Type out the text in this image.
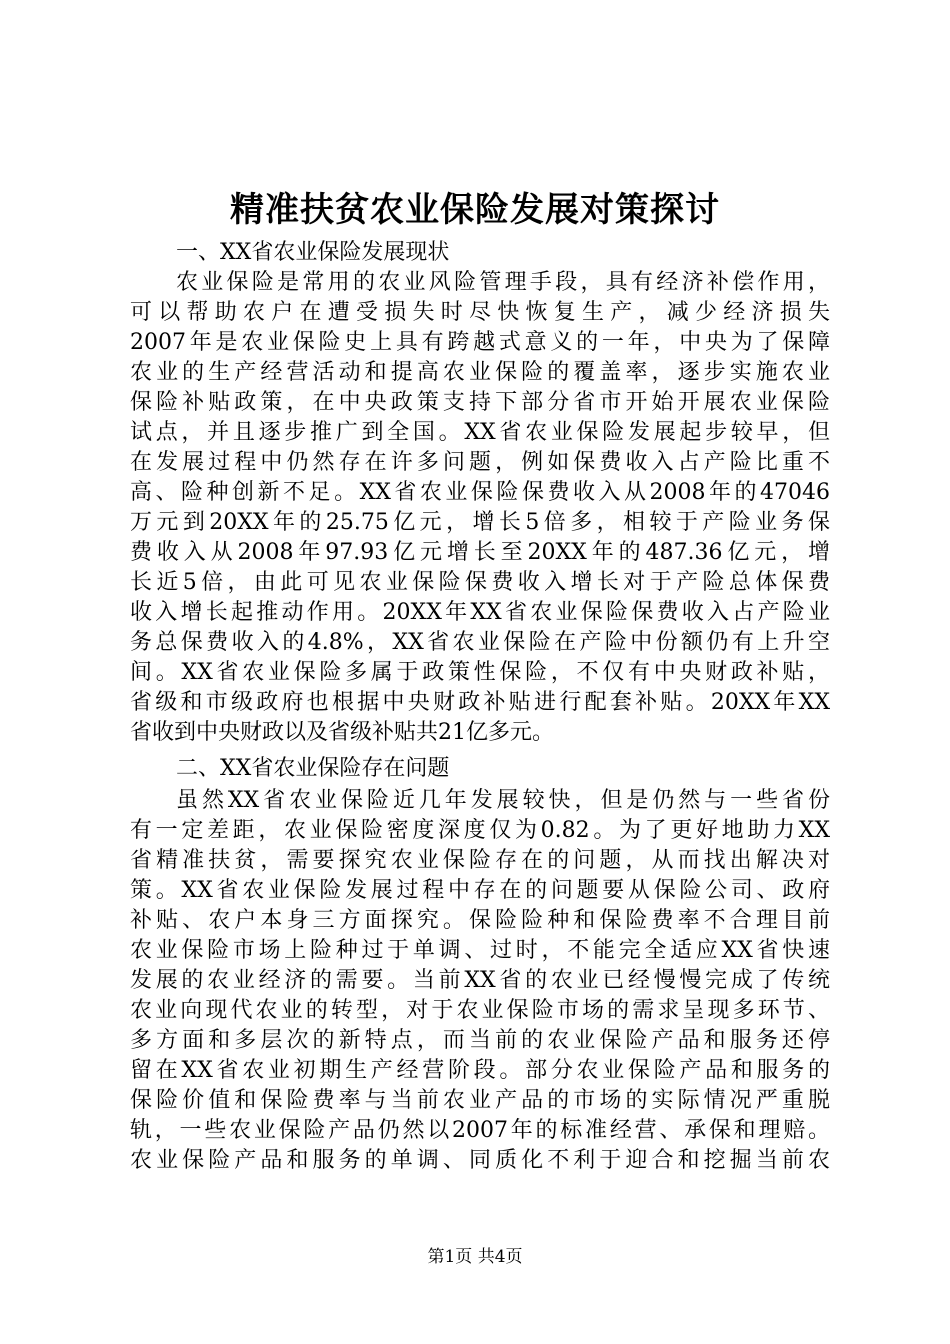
精准扶贫农业保险发展对策探讨
一、XX省农业保险发展现状
农业保险是常用的农业风险管理手段，具有经济补偿作用，
可以帮助农户在遭受损失时尽快恢复生产，减少经济损失
2007年是农业保险史上具有跨越式意义的一年，中央为了保障
农业的生产经营活动和提高农业保险的覆盖率，逐步实施农业
保险补贴政策，在中央政策支持下部分省市开始开展农业保险
试点，并且逐步推广到全国。XX省农业保险发展起步较早，但
在发展过程中仍然存在许多问题，例如保费收入占产险比重不
高、险种创新不足。XX省农业保险保费收入从2008年的47046
万元到20XX年的25.75亿元，增长5倍多，相较于产险业务保
费收入从2008年97.93亿元增长至20XX年的487.36亿元，增
长近5倍，由此可见农业保险保费收入增长对于产险总体保费
收入增长起推动作用。20XX年XX省农业保险保费收入占产险业
务总保费收入的4.8%，XX省农业保险在产险中份额仍有上升空
间。XX省农业保险多属于政策性保险，不仅有中央财政补贴，
省级和市级政府也根据中央财政补贴进行配套补贴。20XX年XX
省收到中央财政以及省级补贴共21亿多元。
二、XX省农业保险存在问题
虽然XX省农业保险近几年发展较快，但是仍然与一些省份
有一定差距，农业保险密度深度仅为0.82。为了更好地助力XX
省精准扶贫，需要探究农业保险存在的问题，从而找出解决对
策。XX省农业保险发展过程中存在的问题要从保险公司、政府
补贴、农户本身三方面探究。保险险种和保险费率不合理目前
农业保险市场上险种过于单调、过时，不能完全适应XX省快速
发展的农业经济的需要。当前XX省的农业已经慢慢完成了传统
农业向现代农业的转型，对于农业保险市场的需求呈现多环节、
多方面和多层次的新特点，而当前的农业保险产品和服务还停
留在XX省农业初期生产经营阶段。部分农业保险产品和服务的
保险价值和保险费率与当前农业产品的市场的实际情况严重脱
轨，一些农业保险产品仍然以2007年的标准经营、承保和理赔。
农业保险产品和服务的单调、同质化不利于迎合和挖掘当前农
第1页 共4页
